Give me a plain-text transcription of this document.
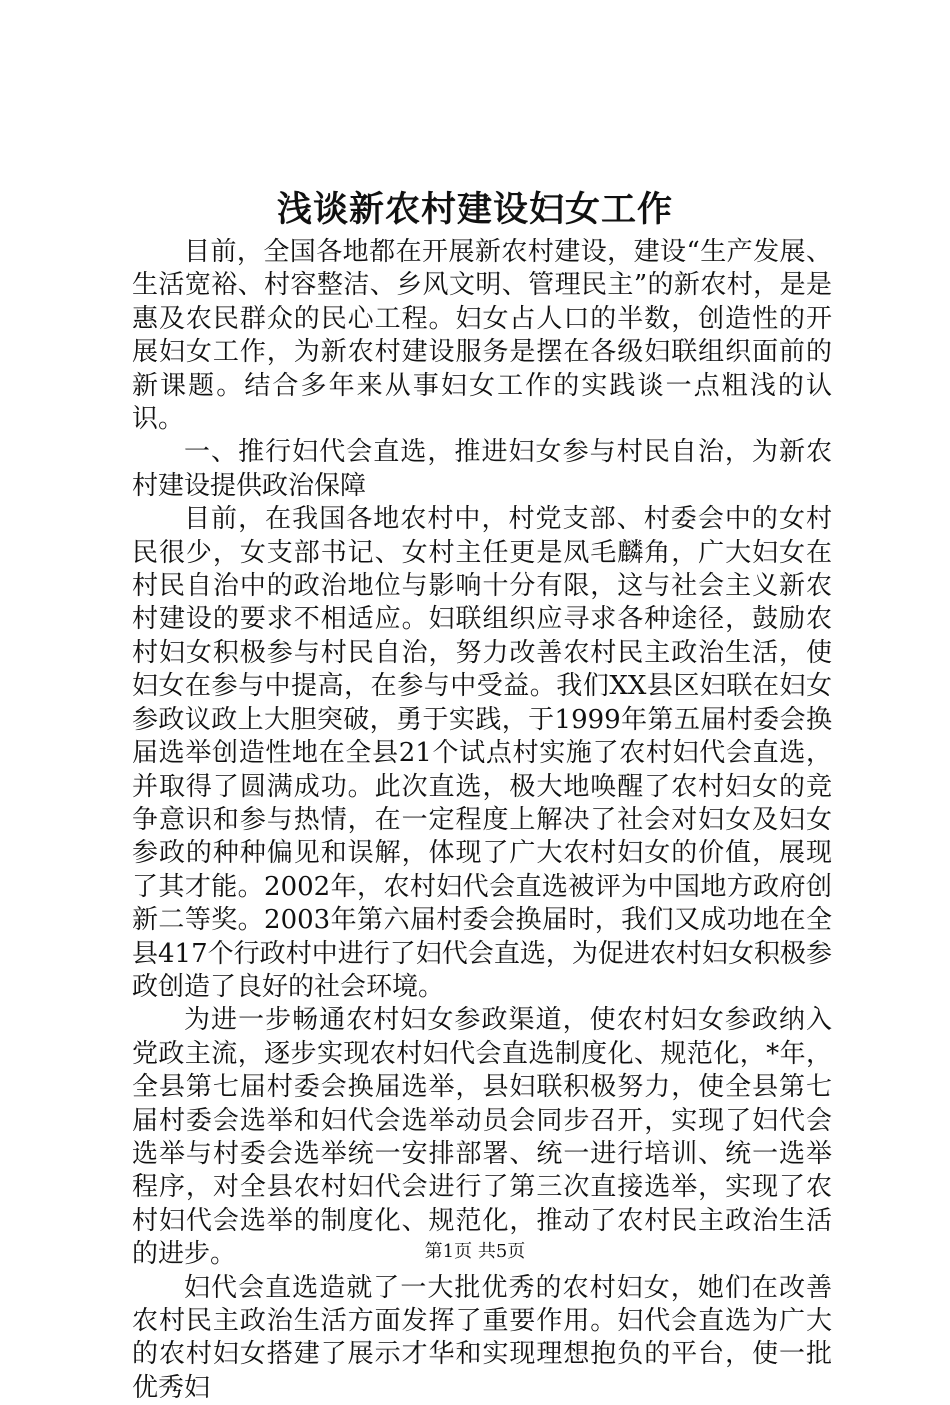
浅谈新农村建设妇女工作

目前，全国各地都在开展新农村建设，建设“生产发展、生活宽裕、村容整洁、乡风文明、管理民主”的新农村，是是惠及农民群众的民心工程。妇女占人口的半数，创造性的开展妇女工作，为新农村建设服务是摆在各级妇联组织面前的新课题。结合多年来从事妇女工作的实践谈一点粗浅的认识。

一、推行妇代会直选，推进妇女参与村民自治，为新农村建设提供政治保障

目前，在我国各地农村中，村党支部、村委会中的女村民很少，女支部书记、女村主任更是凤毛麟角，广大妇女在村民自治中的政治地位与影响十分有限，这与社会主义新农村建设的要求不相适应。妇联组织应寻求各种途径，鼓励农村妇女积极参与村民自治，努力改善农村民主政治生活，使妇女在参与中提高，在参与中受益。我们XX县区妇联在妇女参政议政上大胆突破，勇于实践，于1999年第五届村委会换届选举创造性地在全县21个试点村实施了农村妇代会直选，并取得了圆满成功。此次直选，极大地唤醒了农村妇女的竞争意识和参与热情，在一定程度上解决了社会对妇女及妇女参政的种种偏见和误解，体现了广大农村妇女的价值，展现了其才能。2002年，农村妇代会直选被评为中国地方政府创新二等奖。2003年第六届村委会换届时，我们又成功地在全县417个行政村中进行了妇代会直选，为促进农村妇女积极参政创造了良好的社会环境。

为进一步畅通农村妇女参政渠道，使农村妇女参政纳入党政主流，逐步实现农村妇代会直选制度化、规范化，*年，全县第七届村委会换届选举，县妇联积极努力，使全县第七届村委会选举和妇代会选举动员会同步召开，实现了妇代会选举与村委会选举统一安排部署、统一进行培训、统一选举程序，对全县农村妇代会进行了第三次直接选举，实现了农村妇代会选举的制度化、规范化，推动了农村民主政治生活的进步。

妇代会直选造就了一大批优秀的农村妇女，她们在改善农村民主政治生活方面发挥了重要作用。妇代会直选为广大的农村妇女搭建了展示才华和实现理想抱负的平台，使一批优秀妇

第1页 共5页
